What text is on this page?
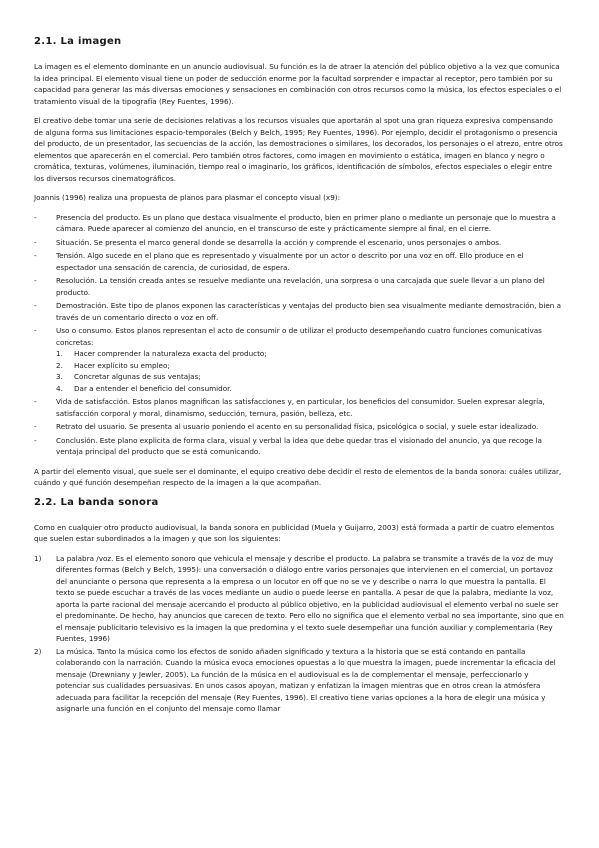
2.1. La imagen

La imagen es el elemento dominante en un anuncio audiovisual. Su función es la de atraer la atención del público objetivo a la vez que comunica la idea principal. El elemento visual tiene un poder de seducción enorme por la facultad sorprender e impactar al receptor, pero también por su capacidad para generar las más diversas emociones y sensaciones en combinación con otros recursos como la música, los efectos especiales o el tratamiento visual de la tipografía (Rey Fuentes, 1996).

El creativo debe tomar una serie de decisiones relativas a los recursos visuales que aportarán al spot una gran riqueza expresiva compensando de alguna forma sus limitaciones espacio-temporales (Belch y Belch, 1995; Rey Fuentes, 1996). Por ejemplo, decidir el protagonismo o presencia del producto, de un presentador, las secuencias de la acción, las demostraciones o similares, los decorados, los personajes o el atrezo, entre otros elementos que aparecerán en el comercial. Pero también otros factores, como imagen en movimiento o estática, imagen en blanco y negro o cromática, texturas, volúmenes, iluminación, tiempo real o imaginario, los gráficos, identificación de símbolos, efectos especiales o elegir entre los diversos recursos cinematográficos.

Joannis (1996) realiza una propuesta de planos para plasmar el concepto visual (x9):

- Presencia del producto. Es un plano que destaca visualmente el producto, bien en primer plano o mediante un personaje que lo muestra a cámara. Puede aparecer al comienzo del anuncio, en el transcurso de este y prácticamente siempre al final, en el cierre.
- Situación. Se presenta el marco general donde se desarrolla la acción y comprende el escenario, unos personajes o ambos.
- Tensión. Algo sucede en el plano que es representado y visualmente por un actor o descrito por una voz en off. Ello produce en el espectador una sensación de carencia, de curiosidad, de espera.
- Resolución. La tensión creada antes se resuelve mediante una revelación, una sorpresa o una carcajada que suele llevar a un plano del producto.
- Demostración. Este tipo de planos exponen las características y ventajas del producto bien sea visualmente mediante demostración, bien a través de un comentario directo o voz en off.
- Uso o consumo. Estos planos representan el acto de consumir o de utilizar el producto desempeñando cuatro funciones comunicativas concretas:
1. Hacer comprender la naturaleza exacta del producto;
2. Hacer explícito su empleo;
3. Concretar algunas de sus ventajas;
4. Dar a entender el beneficio del consumidor.
- Vida de satisfacción. Estos planos magnifican las satisfacciones y, en particular, los beneficios del consumidor. Suelen expresar alegría, satisfacción corporal y moral, dinamismo, seducción, ternura, pasión, belleza, etc.
- Retrato del usuario. Se presenta al usuario poniendo el acento en su personalidad física, psicológica o social, y suele estar idealizado.
- Conclusión. Este plano explicita de forma clara, visual y verbal la idea que debe quedar tras el visionado del anuncio, ya que recoge la ventaja principal del producto que se está comunicando.

A partir del elemento visual, que suele ser el dominante, el equipo creativo debe decidir el resto de elementos de la banda sonora: cuáles utilizar, cuándo y qué función desempeñan respecto de la imagen a la que acompañan.

2.2. La banda sonora

Como en cualquier otro producto audiovisual, la banda sonora en publicidad (Muela y Guijarro, 2003) está formada a partir de cuatro elementos que suelen estar subordinados a la imagen y que son los siguientes:

1) La palabra /voz. Es el elemento sonoro que vehicula el mensaje y describe el producto. La palabra se transmite a través de la voz de muy diferentes formas (Belch y Belch, 1995): una conversación o diálogo entre varios personajes que intervienen en el comercial, un portavoz del anunciante o persona que representa a la empresa o un locutor en off que no se ve y describe o narra lo que muestra la pantalla. El texto se puede escuchar a través de las voces mediante un audio o puede leerse en pantalla. A pesar de que la palabra, mediante la voz, aporta la parte racional del mensaje acercando el producto al público objetivo, en la publicidad audiovisual el elemento verbal no suele ser el predominante. De hecho, hay anuncios que carecen de texto. Pero ello no significa que el elemento verbal no sea importante, sino que en el mensaje publicitario televisivo es la imagen la que predomina y el texto suele desempeñar una función auxiliar y complementaria (Rey Fuentes, 1996)
2) La música. Tanto la música como los efectos de sonido añaden significado y textura a la historia que se está contando en pantalla colaborando con la narración. Cuando la música evoca emociones opuestas a lo que muestra la imagen, puede incrementar la eficacia del mensaje (Drewniany y Jewler, 2005). La función de la música en el audiovisual es la de complementar el mensaje, perfeccionarlo y potenciar sus cualidades persuasivas. En unos casos apoyan, matizan y enfatizan la imagen mientras que en otros crean la atmósfera adecuada para facilitar la recepción del mensaje (Rey Fuentes, 1996). El creativo tiene varias opciones a la hora de elegir una música y asignarle una función en el conjunto del mensaje como llamar
